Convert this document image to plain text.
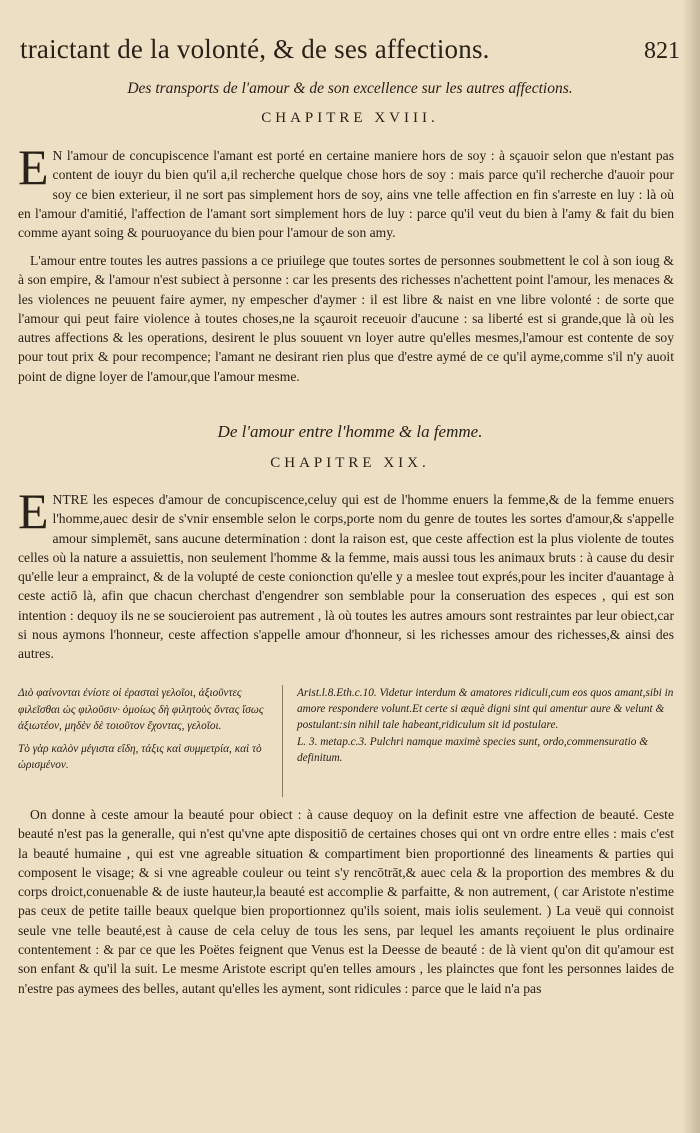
traictant de la volonté, & de ses affections.	821
Des transports de l'amour & de son excellence sur les autres affections.
CHAPITRE XVIII.
E N l'amour de concupiscence l'amant est porté en certaine maniere hors de soy : à sçauoir selon que n'estant pas content de iouyr du bien qu'il a,il recherche quelque chose hors de soy : mais parce qu'il recherche d'auoir pour soy ce bien exterieur, il ne sort pas simplement hors de soy, ains vne telle affection en fin s'arreste en luy : là où en l'amour d'amitié, l'affection de l'amant sort simplement hors de luy : parce qu'il veut du bien à l'amy & fait du bien comme ayant soing & pouruoyance du bien pour l'amour de son amy.
L'amour entre toutes les autres passions a ce priuilege que toutes sortes de personnes soubmettent le col à son ioug & à son empire, & l'amour n'est subiect à personne : car les presents des richesses n'achettent point l'amour, les menaces & les violences ne peuuent faire aymer, ny empescher d'aymer : il est libre & naist en vne libre volonté : de sorte que l'amour qui peut faire violence à toutes choses,ne la sçauroit receuoir d'aucune : sa liberté est si grande,que là où les autres affections & les operations, desirent le plus souuent vn loyer autre qu'elles mesmes,l'amour est contente de soy pour tout prix & pour recompence; l'amant ne desirant rien plus que d'estre aymé de ce qu'il ayme,comme s'il n'y auoit point de digne loyer de l'amour,que l'amour mesme.
De l'amour entre l'homme & la femme.
CHAPITRE XIX.
ENTRE les especes d'amour de concupiscence,celuy qui est de l'homme enuers la femme,& de la femme enuers l'homme,auec desir de s'vnir ensemble selon le corps,porte nom du genre de toutes les sortes d'amour,& s'appelle amour simplemēt, sans aucune determination : dont la raison est, que ceste affection est la plus violente de toutes celles où la nature a assuiettis, non seulement l'homme & la femme, mais aussi tous les animaux bruts : à cause du desir qu'elle leur a emprainct, & de la volupté de ceste conionction qu'elle y a meslee tout exprés,pour les inciter d'auantage à ceste actiō là, afin que chacun cherchast d'engendrer son semblable pour la conseruation des especes , qui est son intention : dequoy ils ne se soucieroient pas autrement , là où toutes les autres amours sont restraintes par leur obiect,car si nous aymons l'honneur, ceste affection s'appelle amour d'honneur, si les richesses amour des richesses,& ainsi des autres.

Διὸ φαίνονται ἐνίοτε οἱ ἐρασταὶ γελοῖοι, ἀξιοῦντες φιλεῖσθαι ὡς φιλοῦσιν· ὁμοίως δὴ φιλητοὺς ὄντας ἴσως ἀξιωτέον, μηδὲν δὲ τοιοῦτον ἔχοντας, γελοῖοι.

Τὸ γὰρ καλὸν μέγιστα εἴδη, τάξις καὶ συμμετρία, καὶ τὸ ὡρισμένον.

Arist.l.8.Eth.c.10. Videtur interdum & amatores ridiculi,cum eos quos amant,sibi in amore respondere volunt.Et certe si æquè digni sint qui amentur aure & velunt & postulant:sin nihil tale habeant,ridiculum sit id postulare.

L. 3. metap.c.3. Pulchri namque maximè species sunt, ordo,commensuratio & definitum.

On donne à ceste amour la beauté pour obiect : à cause dequoy on la definit estre vne affection de beauté. Ceste beauté n'est pas la generalle, qui n'est qu'vne apte dispositiō de certaines choses qui ont vn ordre entre elles : mais c'est la beauté humaine , qui est vne agreable situation & compartiment bien proportionné des lineaments & parties qui composent le visage; & si vne agreable couleur ou teint s'y rencōtrāt,& auec cela & la proportion des membres & du corps droict,conuenable & de iuste hauteur,la beauté est accomplie & parfaitte, & non autrement, ( car Aristote n'estime pas ceux de petite taille beaux quelque bien proportionnez qu'ils soient, mais iolis seulement. ) La veuë qui connoist seule vne telle beauté,est à cause de cela celuy de tous les sens, par lequel les amants reçoiuent le plus ordinaire contentement : & par ce que les Poëtes feignent que Venus est la Deesse de beauté : de là vient qu'on dit qu'amour est son enfant & qu'il la suit. Le mesme Aristote escript qu'en telles amours , les plainctes que font les personnes laides de n'estre pas aymees des belles, autant qu'elles les ayment, sont ridicules : parce que le laid n'a pas
